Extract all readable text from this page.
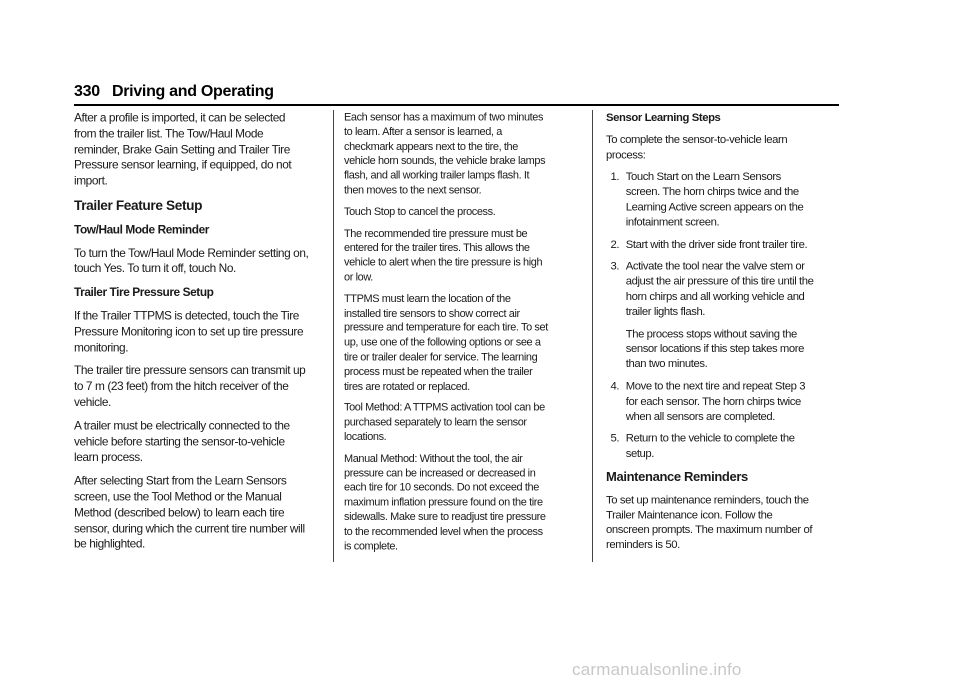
330 Driving and Operating

After a profile is imported, it can be selected from the trailer list. The Tow/Haul Mode reminder, Brake Gain Setting and Trailer Tire Pressure sensor learning, if equipped, do not import.

Trailer Feature Setup
Tow/Haul Mode Reminder

To turn the Tow/Haul Mode Reminder setting on, touch Yes. To turn it off, touch No.

Trailer Tire Pressure Setup

If the Trailer TTPMS is detected, touch the Tire Pressure Monitoring icon to set up tire pressure monitoring.

The trailer tire pressure sensors can transmit up to 7 m (23 feet) from the hitch receiver of the vehicle.

A trailer must be electrically connected to the vehicle before starting the sensor-to-vehicle learn process.

After selecting Start from the Learn Sensors screen, use the Tool Method or the Manual Method (described below) to learn each tire sensor, during which the current tire number will be highlighted.

Each sensor has a maximum of two minutes to learn. After a sensor is learned, a checkmark appears next to the tire, the vehicle horn sounds, the vehicle brake lamps flash, and all working trailer lamps flash. It then moves to the next sensor.

Touch Stop to cancel the process.

The recommended tire pressure must be entered for the trailer tires. This allows the vehicle to alert when the tire pressure is high or low.

TTPMS must learn the location of the installed tire sensors to show correct air pressure and temperature for each tire. To set up, use one of the following options or see a tire or trailer dealer for service. The learning process must be repeated when the trailer tires are rotated or replaced.

Tool Method: A TTPMS activation tool can be purchased separately to learn the sensor locations.

Manual Method: Without the tool, the air pressure can be increased or decreased in each tire for 10 seconds. Do not exceed the maximum inflation pressure found on the tire sidewalls. Make sure to readjust tire pressure to the recommended level when the process is complete.

Sensor Learning Steps

To complete the sensor-to-vehicle learn process:

1. Touch Start on the Learn Sensors screen. The horn chirps twice and the Learning Active screen appears on the infotainment screen.
2. Start with the driver side front trailer tire.
3. Activate the tool near the valve stem or adjust the air pressure of this tire until the horn chirps and all working vehicle and trailer lights flash.
The process stops without saving the sensor locations if this step takes more than two minutes.
4. Move to the next tire and repeat Step 3 for each sensor. The horn chirps twice when all sensors are completed.
5. Return to the vehicle to complete the setup.
Maintenance Reminders

To set up maintenance reminders, touch the Trailer Maintenance icon. Follow the onscreen prompts. The maximum number of reminders is 50.

carmanualsonline.info
